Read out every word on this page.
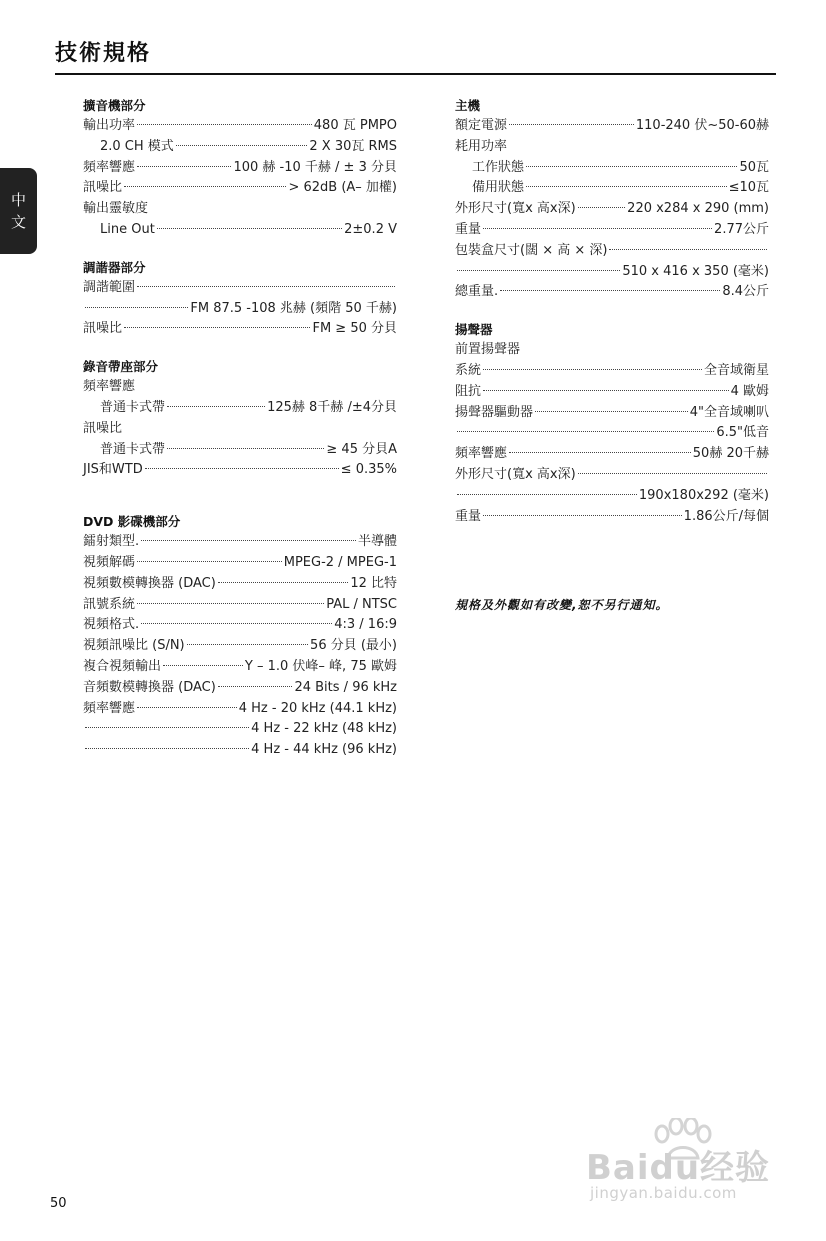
技術規格
中
文
擴音機部分
輸出功率	480 瓦 PMPO
2.0 CH 模式	2 X 30瓦 RMS
頻率響應	100 赫 -10 千赫 / ± 3 分貝
訊噪比	> 62dB (A– 加權)
輸出靈敏度
Line Out	2±0.2 V
調諧器部分
調諧範圍
FM 87.5 -108 兆赫 (頻階 50 千赫)
訊噪比	FM ≥ 50 分貝
錄音帶座部分
頻率響應
普通卡式帶	125赫 8千赫 /±4分貝
訊噪比
普通卡式帶	≥ 45 分貝A
JIS和WTD	≤ 0.35%
DVD 影碟機部分
鐳射類型.	半導體
視頻解碼	MPEG-2 / MPEG-1
視頻數模轉換器 (DAC)	12 比特
訊號系統	PAL / NTSC
視頻格式.	4:3 / 16:9
視頻訊噪比 (S/N)	56 分貝 (最小)
複合視頻輸出	Y – 1.0 伏峰– 峰, 75 歐姆
音頻數模轉換器 (DAC)	24 Bits / 96 kHz
頻率響應	4 Hz - 20 kHz (44.1 kHz)
4 Hz - 22 kHz (48 kHz)
4 Hz - 44 kHz (96 kHz)
主機
額定電源	110-240 伏~50-60赫
耗用功率
工作狀態	50瓦
備用狀態	≤10瓦
外形尺寸(寬x 高x深)	220 x284 x 290 (mm)
重量	2.77公斤
包裝盒尺寸(闊 × 高 × 深)
510 x 416 x 350 (毫米)
總重量.	8.4公斤
揚聲器
前置揚聲器
系統	全音域衛星
阻抗	4 歐姆
揚聲器驅動器	4"全音域喇叭
6.5"低音
頻率響應	50赫 20千赫
外形尺寸(寬x 高x深)
190x180x292 (毫米)
重量	1.86公斤/每個
規格及外觀如有改變,恕不另行通知。
50
Baidu经验
jingyan.baidu.com
